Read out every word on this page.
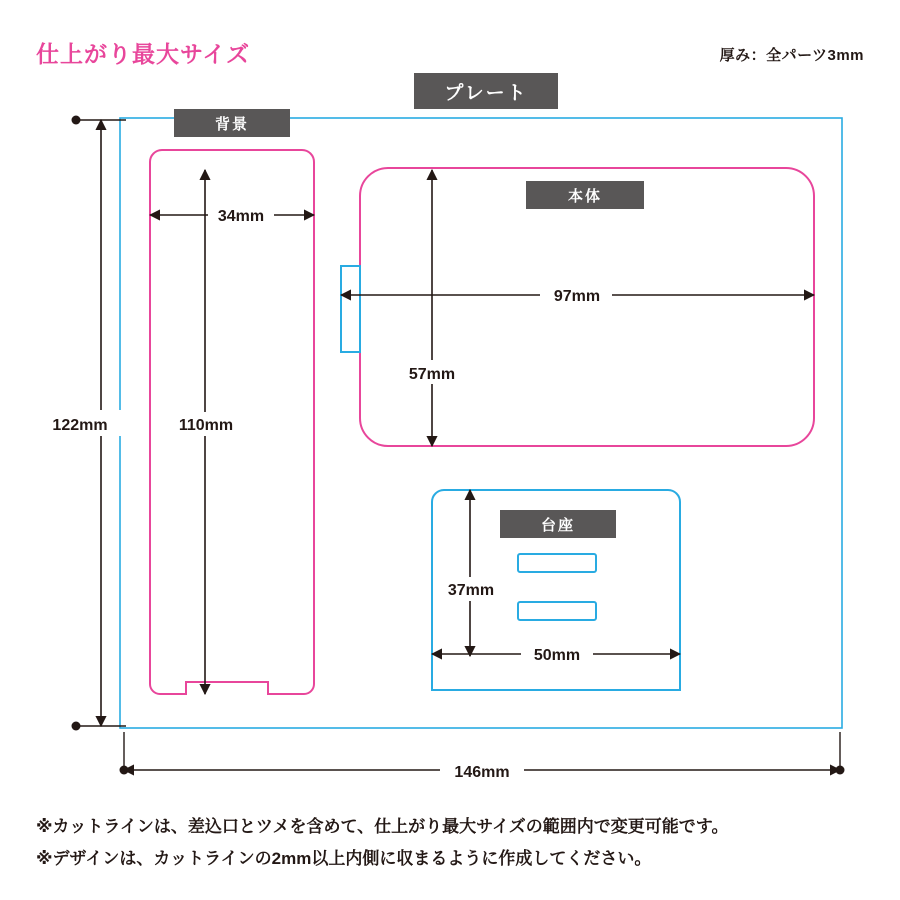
仕上がり最大サイズ	厚み：全パーツ3mm
34mm
110mm
97mm
57mm
37mm
50mm
122mm
146mm
プレート
背景
本体
台座
※カットラインは、差込口とツメを含めて、仕上がり最大サイズの範囲内で変更可能です。
※デザインは、カットラインの2mm以上内側に収まるように作成してください。
